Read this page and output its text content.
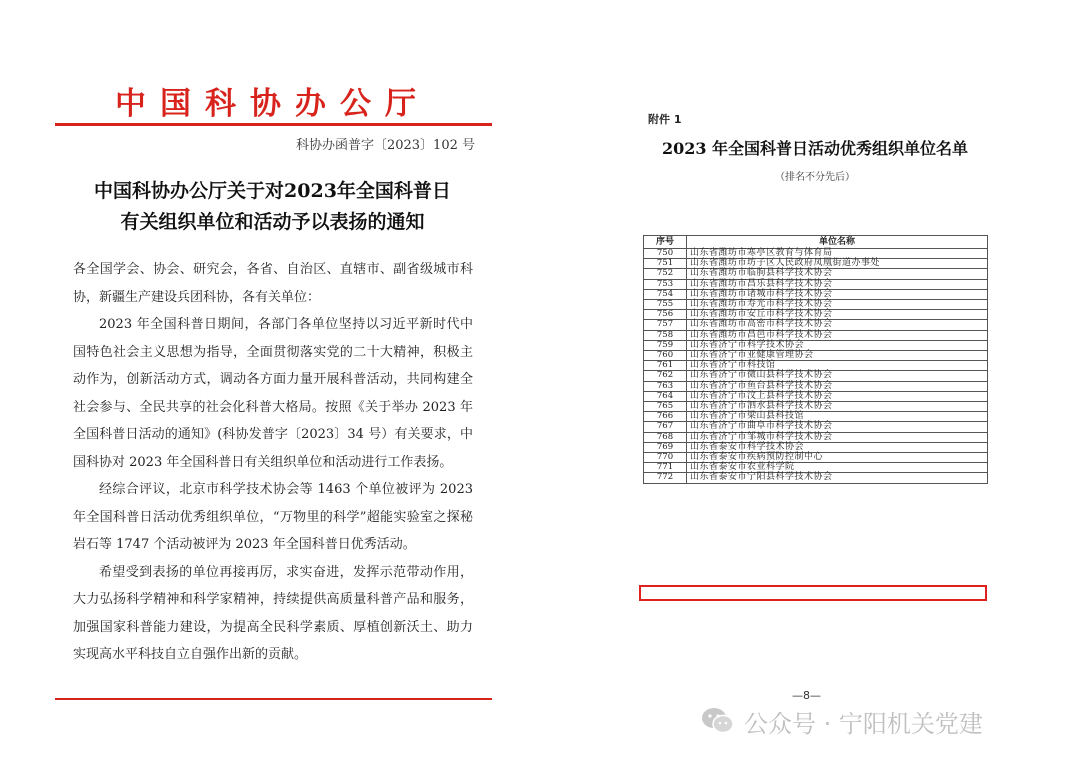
中国科协办公厅
科协办函普字〔2023〕102 号
中国科协办公厅关于对2023年全国科普日
有关组织单位和活动予以表扬的通知

各全国学会、协会、研究会，各省、自治区、直辖市、副省级城市科协，新疆生产建设兵团科协，各有关单位：

2023 年全国科普日期间，各部门各单位坚持以习近平新时代中国特色社会主义思想为指导，全面贯彻落实党的二十大精神，积极主动作为，创新活动方式，调动各方面力量开展科普活动，共同构建全社会参与、全民共享的社会化科普大格局。按照《关于举办 2023 年全国科普日活动的通知》(科协发普字〔2023〕34 号）有关要求，中国科协对 2023 年全国科普日有关组织单位和活动进行工作表扬。

经综合评议，北京市科学技术协会等 1463 个单位被评为 2023 年全国科普日活动优秀组织单位，“万物里的科学”超能实验室之探秘岩石等 1747 个活动被评为 2023 年全国科普日优秀活动。

希望受到表扬的单位再接再厉，求实奋进，发挥示范带动作用，大力弘扬科学精神和科学家精神，持续提供高质量科普产品和服务，加强国家科普能力建设，为提高全民科学素质、厚植创新沃土、助力实现高水平科技自立自强作出新的贡献。

附件 1
2023 年全国科普日活动优秀组织单位名单
（排名不分先后）
序号	单位名称
750	山东省潍坊市寒亭区教育与体育局
751	山东省潍坊市坊子区人民政府凤凰街道办事处
752	山东省潍坊市临朐县科学技术协会
753	山东省潍坊市昌乐县科学技术协会
754	山东省潍坊市诸城市科学技术协会
755	山东省潍坊市寿光市科学技术协会
756	山东省潍坊市安丘市科学技术协会
757	山东省潍坊市高密市科学技术协会
758	山东省潍坊市昌邑市科学技术协会
759	山东省济宁市科学技术协会
760	山东省济宁市亚健康管理协会
761	山东省济宁市科技馆
762	山东省济宁市微山县科学技术协会
763	山东省济宁市鱼台县科学技术协会
764	山东省济宁市汶上县科学技术协会
765	山东省济宁市泗水县科学技术协会
766	山东省济宁市梁山县科技馆
767	山东省济宁市曲阜市科学技术协会
768	山东省济宁市邹城市科学技术协会
769	山东省泰安市科学技术协会
770	山东省泰安市疾病预防控制中心
771	山东省泰安市农业科学院
772	山东省泰安市宁阳县科学技术协会
—8—
公众号 · 宁阳机关党建
